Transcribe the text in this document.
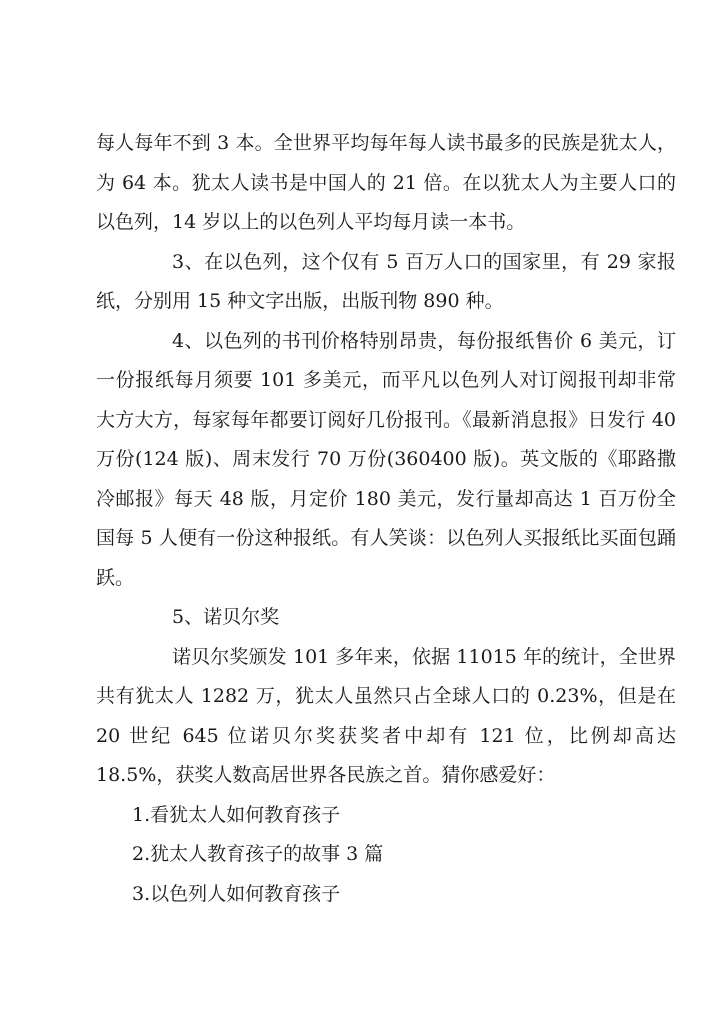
每人每年不到 3 本。全世界平均每年每人读书最多的民族是犹太人，为 64 本。犹太人读书是中国人的 21 倍。在以犹太人为主要人口的以色列，14 岁以上的以色列人平均每月读一本书。

3、在以色列，这个仅有 5 百万人口的国家里，有 29 家报纸，分别用 15 种文字出版，出版刊物 890 种。

4、以色列的书刊价格特别昂贵，每份报纸售价 6 美元，订一份报纸每月须要 101 多美元，而平凡以色列人对订阅报刊却非常大方大方，每家每年都要订阅好几份报刊。《最新消息报》日发行 40 万份(124 版)、周末发行 70 万份(360400 版)。英文版的《耶路撒冷邮报》每天 48 版，月定价 180 美元，发行量却高达 1 百万份全国每 5 人便有一份这种报纸。有人笑谈：以色列人买报纸比买面包踊跃。

5、诺贝尔奖

诺贝尔奖颁发 101 多年来，依据 11015 年的统计，全世界共有犹太人 1282 万，犹太人虽然只占全球人口的 0.23%，但是在 20 世纪 645 位诺贝尔奖获奖者中却有 121 位，比例却高达18.5%，获奖人数高居世界各民族之首。猜你感爱好：

1.看犹太人如何教育孩子

2.犹太人教育孩子的故事 3 篇

3.以色列人如何教育孩子
